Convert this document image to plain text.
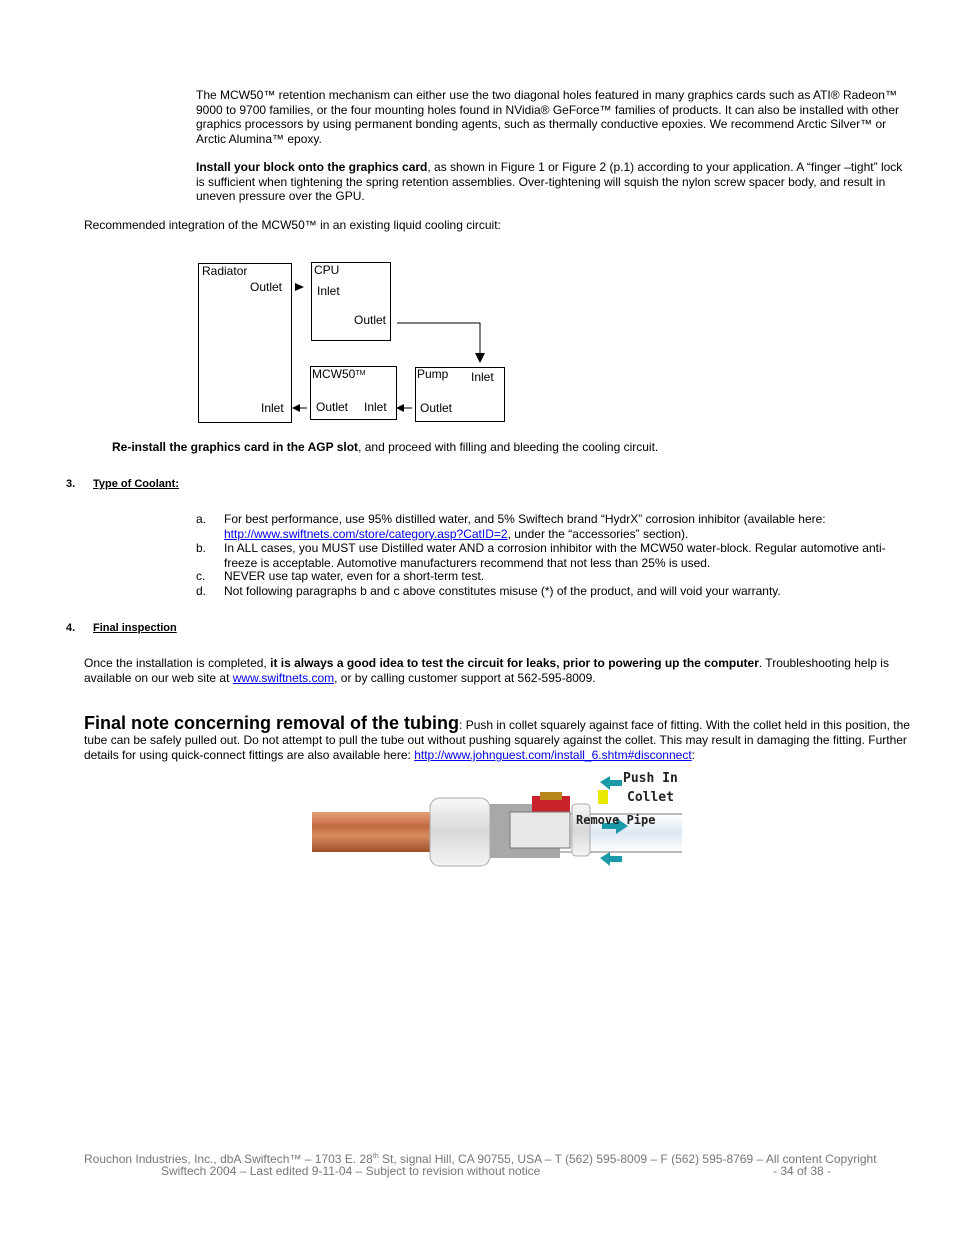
The MCW50™ retention mechanism can either use the two diagonal holes featured in many graphics cards such as ATI® Radeon™ 9000 to 9700 families, or the four mounting holes found in NVidia® GeForce™ families of products. It can also be installed with other graphics processors by using permanent bonding agents, such as thermally conductive epoxies. We recommend Arctic Silver™ or Arctic Alumina™ epoxy.

Install your block onto the graphics card, as shown in Figure 1 or Figure 2 (p.1) according to your application. A “finger –tight” lock is sufficient when tightening the spring retention assemblies. Over-tightening will squish the nylon screw spacer body, and result in uneven pressure over the GPU.

Recommended integration of the MCW50™ in an existing liquid cooling circuit:
Radiator
Outlet
Inlet
CPU
Inlet
Outlet
MCW50™
Outlet Inlet
Pump Inlet
Outlet
Re-install the graphics card in the AGP slot, and proceed with filling and bleeding the cooling circuit.
3. Type of Coolant:
a. For best performance, use 95% distilled water, and 5% Swiftech brand “HydrX” corrosion inhibitor (available here: http://www.swiftnets.com/store/category.asp?CatID=2, under the “accessories” section).
b. In ALL cases, you MUST use Distilled water AND a corrosion inhibitor with the MCW50 water-block. Regular automotive anti-freeze is acceptable. Automotive manufacturers recommend that not less than 25% is used.
c. NEVER use tap water, even for a short-term test.
d. Not following paragraphs b and c above constitutes misuse (*) of the product, and will void your warranty.
4. Final inspection
Once the installation is completed, it is always a good idea to test the circuit for leaks, prior to powering up the computer. Troubleshooting help is available on our web site at www.swiftnets.com, or by calling customer support at 562-595-8009.
Final note concerning removal of the tubing: Push in collet squarely against face of fitting. With the collet held in this position, the tube can be safely pulled out. Do not attempt to pull the tube out without pushing squarely against the collet. This may result in damaging the fitting. Further details for using quick-connect fittings are also available here: http://www.johnguest.com/install_6.shtm#disconnect:
Push In
Collet
Remove Pipe
Rouchon Industries, Inc., dbA Swiftech™ – 1703 E. 28th St, signal Hill, CA 90755, USA – T (562) 595-8009 – F (562) 595-8769 – All content Copyright
Swiftech 2004 – Last edited 9-11-04 – Subject to revision without notice	- 34 of 38 -
